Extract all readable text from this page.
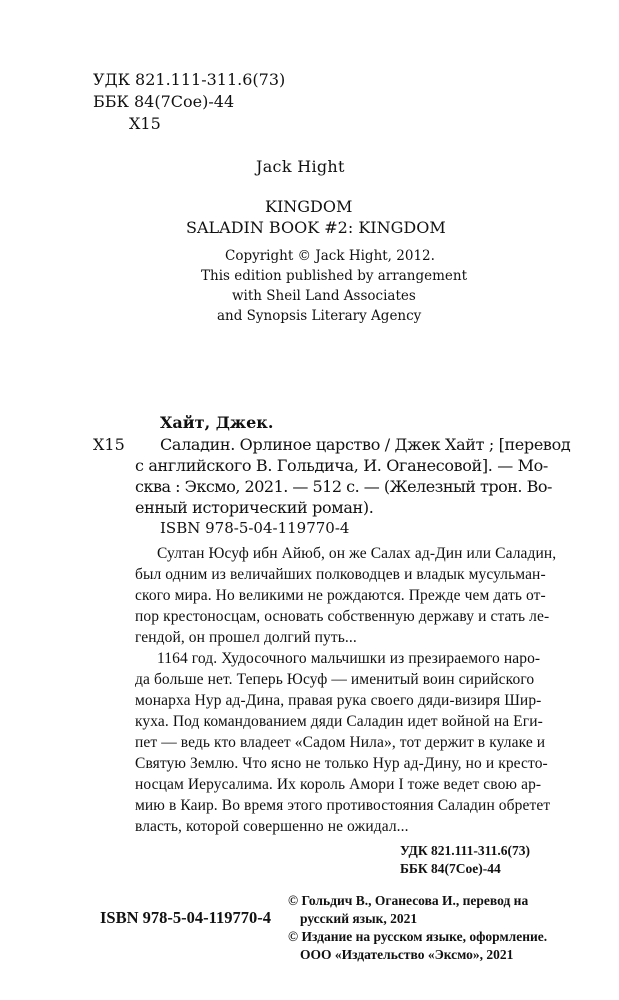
УДК 821.111-311.6(73)
ББК 84(7Сое)-44
Х15
Jack Hight
KINGDOM
SALADIN BOOK #2: KINGDOM
Copyright © Jack Hight, 2012.
This edition published by arrangement
with Sheil Land Associates
and Synopsis Literary Agency
Хайт, Джек.
Х15 Саладин. Орлиное царство / Джек Хайт ; [перевод
с английского В. Гольдича, И. Оганесовой]. — Мо-
сква : Эксмо, 2021. — 512 с. — (Железный трон. Во-
енный исторический роман).
ISBN 978-5-04-119770-4
Султан Юсуф ибн Айюб, он же Салах ад-Дин или Саладин,
был одним из величайших полководцев и владык мусульман-
ского мира. Но великими не рождаются. Прежде чем дать от-
пор крестоносцам, основать собственную державу и стать ле-
гендой, он прошел долгий путь...
1164 год. Худосочного мальчишки из презираемого наро-
да больше нет. Теперь Юсуф — именитый воин сирийского
монарха Нур ад-Дина, правая рука своего дяди-визиря Шир-
куха. Под командованием дяди Саладин идет войной на Еги-
пет — ведь кто владеет «Садом Нила», тот держит в кулаке и
Святую Землю. Что ясно не только Нур ад-Дину, но и кресто-
носцам Иерусалима. Их король Амори I тоже ведет свою ар-
мию в Каир. Во время этого противостояния Саладин обретет
власть, которой совершенно не ожидал...
УДК 821.111-311.6(73)
ББК 84(7Сое)-44
ISBN 978-5-04-119770-4
© Гольдич В., Оганесова И., перевод на
русский язык, 2021
© Издание на русском языке, оформление.
ООО «Издательство «Эксмо», 2021
